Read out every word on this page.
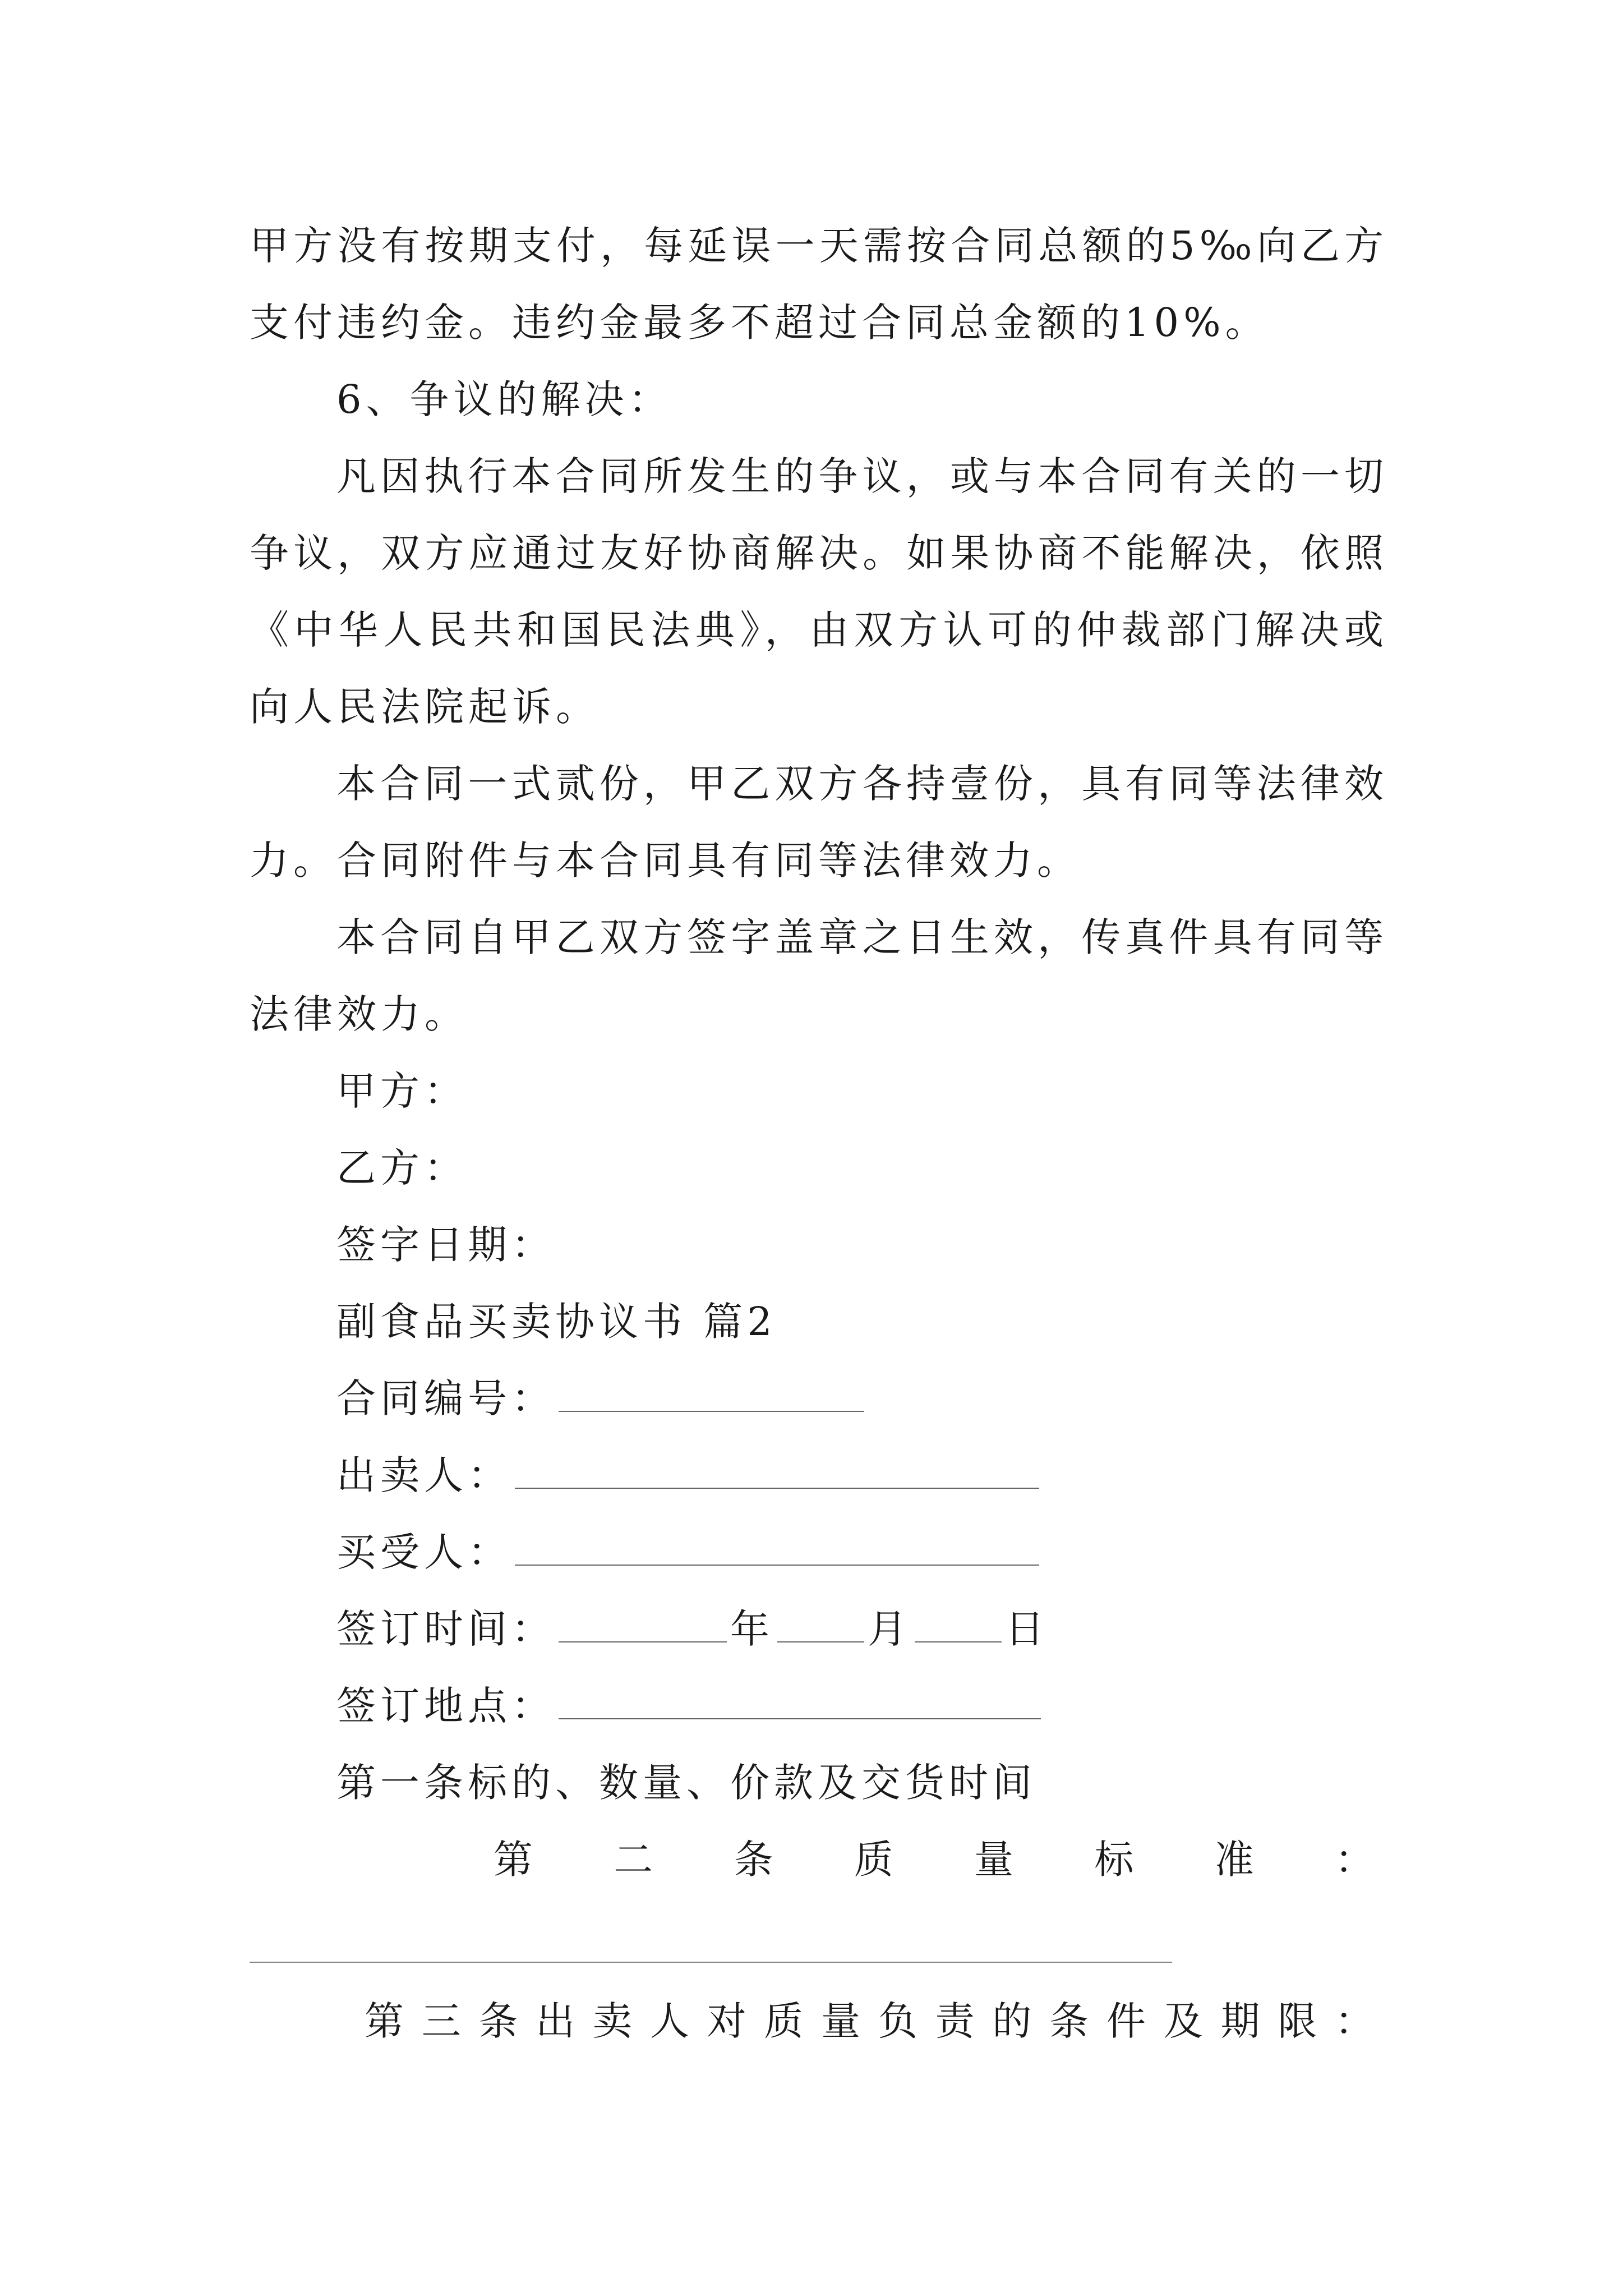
甲方没有按期支付，每延误一天需按合同总额的5‰向乙方
支付违约金。违约金最多不超过合同总金额的10%。
6、争议的解决：
凡因执行本合同所发生的争议，或与本合同有关的一切
争议，双方应通过友好协商解决。如果协商不能解决，依照
《中华人民共和国民法典》，由双方认可的仲裁部门解决或
向人民法院起诉。
本合同一式贰份，甲乙双方各持壹份，具有同等法律效
力。合同附件与本合同具有同等法律效力。
本合同自甲乙双方签字盖章之日生效，传真件具有同等
法律效力。
甲方：
乙方：
签字日期：
副食品买卖协议书 篇2
合同编号：
出卖人：
买受人：
签订时间：	年 月 日
签订地点：
第一条标的、数量、价款及交货时间
第 二 条 质 量 标 准 ：
第三条出卖人对质量负责的条件及期限：
